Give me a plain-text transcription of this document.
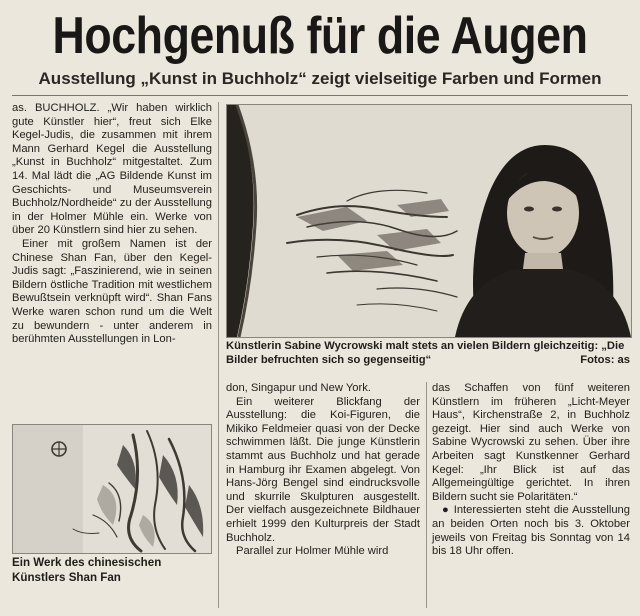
Hochgenuß für die Augen
Ausstellung „Kunst in Buchholz“ zeigt vielseitige Farben und Formen

as. BUCHHOLZ. „Wir haben wirklich gute Künstler hier“, freut sich Elke Kegel-Judis, die zusammen mit ihrem Mann Gerhard Kegel die Ausstellung „Kunst in Buchholz“ mitgestaltet. Zum 14. Mal lädt die „AG Bildende Kunst im Geschichts- und Museumsverein Buchholz/Nordheide“ zu der Ausstellung in der Holmer Mühle ein. Werke von über 20 Künstlern sind hier zu sehen.

Einer mit großem Namen ist der Chinese Shan Fan, über den Kegel-Judis sagt: „Faszinierend, wie in seinen Bildern östliche Tradition mit westlichem Bewußtsein verknüpft wird“. Shan Fans Werke waren schon rund um die Welt zu bewundern - unter anderem in berühmten Ausstellungen in Lon-

Künstlerin Sabine Wycrowski malt stets an vielen Bildern gleichzeitig: „Die Bilder befruchten sich so gegenseitig“	Fotos: as

don, Singapur und New York.

Ein weiterer Blickfang der Ausstellung: die Koi-Figuren, die Mikiko Feldmeier quasi von der Decke schwimmen läßt. Die junge Künstlerin stammt aus Buchholz und hat gerade in Hamburg ihr Examen abgelegt. Von Hans-Jörg Bengel sind eindrucksvolle und skurrile Skulpturen ausgestellt. Der vielfach ausgezeichnete Bildhauer erhielt 1999 den Kulturpreis der Stadt Buchholz.

Parallel zur Holmer Mühle wird

das Schaffen von fünf weiteren Künstlern im früheren „Licht-Meyer Haus“, Kirchenstraße 2, in Buchholz gezeigt. Hier sind auch Werke von Sabine Wycrowski zu sehen. Über ihre Arbeiten sagt Kunstkenner Gerhard Kegel: „Ihr Blick ist auf das Allgemeingültige gerichtet. In ihren Bildern sucht sie Polaritäten.“

● Interessierten steht die Ausstellung an beiden Orten noch bis 3. Oktober jeweils von Freitag bis Sonntag von 14 bis 18 Uhr offen.

Ein Werk des chinesischen Künstlers Shan Fan
